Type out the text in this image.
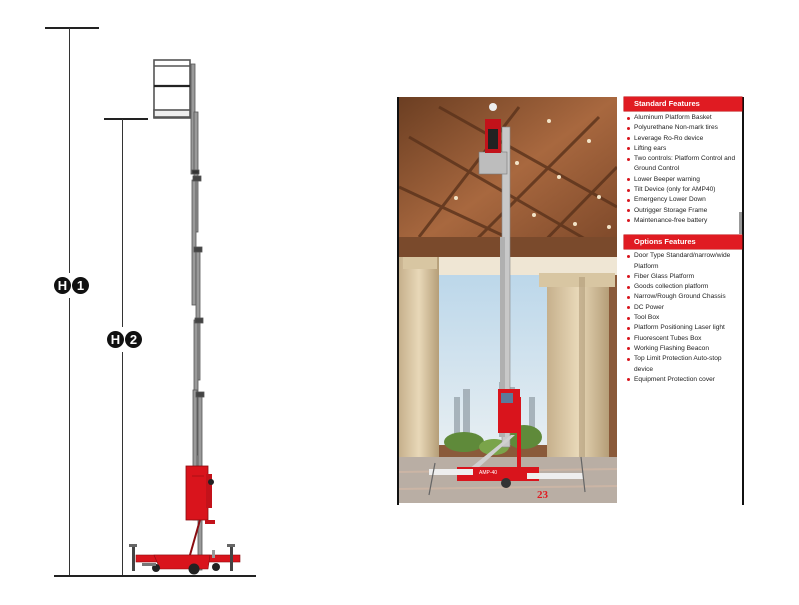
H 1
H 2
AMP-40
23
Standard Features
Aluminum Platform Basket
Polyurethane Non-mark tires
Leverage Ro-Ro device
Lifting ears
Two controls: Platform Control and Ground Control
Lower Beeper warning
Tilt Device (only for AMP40)
Emergency Lower Down
Outrigger Storage Frame
Maintenance-free battery
Options Features
Door Type Standard/narrow/wide Platform
Fiber Glass Platform
Goods collection platform
Narrow/Rough Ground Chassis
DC Power
Tool Box
Platform Positioning Laser light
Fluorescent Tubes Box
Working Flashing Beacon
Top Limit Protection Auto-stop device
Equipment Protection cover
